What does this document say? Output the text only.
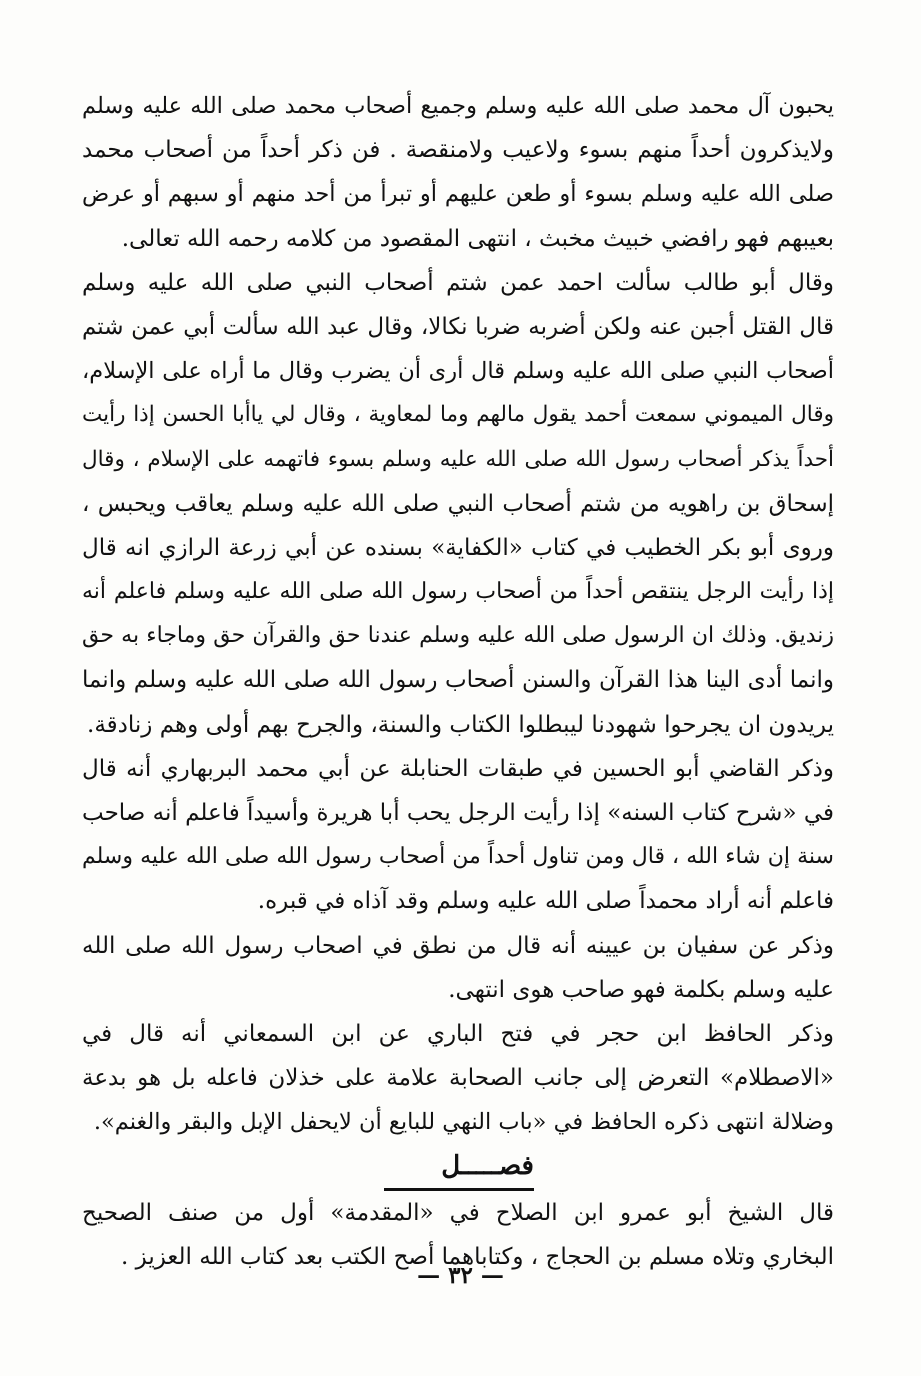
يحبون آل محمد صلى الله عليه وسلم وجميع أصحاب محمد صلى الله عليه وسلم
ولايذكرون أحداً منهم بسوء ولاعيب ولامنقصة . فن ذكر أحداً من أصحاب محمد
صلى الله عليه وسلم بسوء أو طعن عليهم أو تبرأ من أحد منهم أو سبهم أو عرض
بعيبهم فهو رافضي خبيث مخبث ، انتهى المقصود من كلامه رحمه الله تعالى.
وقال أبو طالب سألت احمد عمن شتم أصحاب النبي صلى الله عليه وسلم
قال القتل أجبن عنه ولكن أضربه ضربا نكالا، وقال عبد الله سألت أبي عمن شتم
أصحاب النبي صلى الله عليه وسلم قال أرى أن يضرب وقال ما أراه على الإسلام،
وقال الميموني سمعت أحمد يقول مالهم وما لمعاوية ، وقال لي ياأبا الحسن إذا رأيت
أحداً يذكر أصحاب رسول الله صلى الله عليه وسلم بسوء فاتهمه على الإسلام ، وقال
إسحاق بن راهويه من شتم أصحاب النبي صلى الله عليه وسلم يعاقب ويحبس ،
وروى أبو بكر الخطيب في كتاب «الكفاية» بسنده عن أبي زرعة الرازي انه قال
إذا رأيت الرجل ينتقص أحداً من أصحاب رسول الله صلى الله عليه وسلم فاعلم أنه
زنديق. وذلك ان الرسول صلى الله عليه وسلم عندنا حق والقرآن حق وماجاء به حق
وانما أدى الينا هذا القرآن والسنن أصحاب رسول الله صلى الله عليه وسلم وانما
يريدون ان يجرحوا شهودنا ليبطلوا الكتاب والسنة، والجرح بهم أولى وهم زنادقة.
وذكر القاضي أبو الحسين في طبقات الحنابلة عن أبي محمد البربهاري أنه قال
في «شرح كتاب السنه» إذا رأيت الرجل يحب أبا هريرة وأسيداً فاعلم أنه صاحب
سنة إن شاء الله ، قال ومن تناول أحداً من أصحاب رسول الله صلى الله عليه وسلم
فاعلم أنه أراد محمداً صلى الله عليه وسلم وقد آذاه في قبره.
وذكر عن سفيان بن عيينه أنه قال من نطق في اصحاب رسول الله صلى الله
عليه وسلم بكلمة فهو صاحب هوى انتهى.
وذكر الحافظ ابن حجر في فتح الباري عن ابن السمعاني أنه قال في
«الاصطلام» التعرض إلى جانب الصحابة علامة على خذلان فاعله بل هو بدعة
وضلالة انتهى ذكره الحافظ في «باب النهي للبايع أن لايحفل الإبل والبقر والغنم».
فصـــــل
قال الشيخ أبو عمرو ابن الصلاح في «المقدمة» أول من صنف الصحيح
البخاري وتلاه مسلم بن الحجاج ، وكتاباهما أصح الكتب بعد كتاب الله العزيز .
— ٣٢ —
